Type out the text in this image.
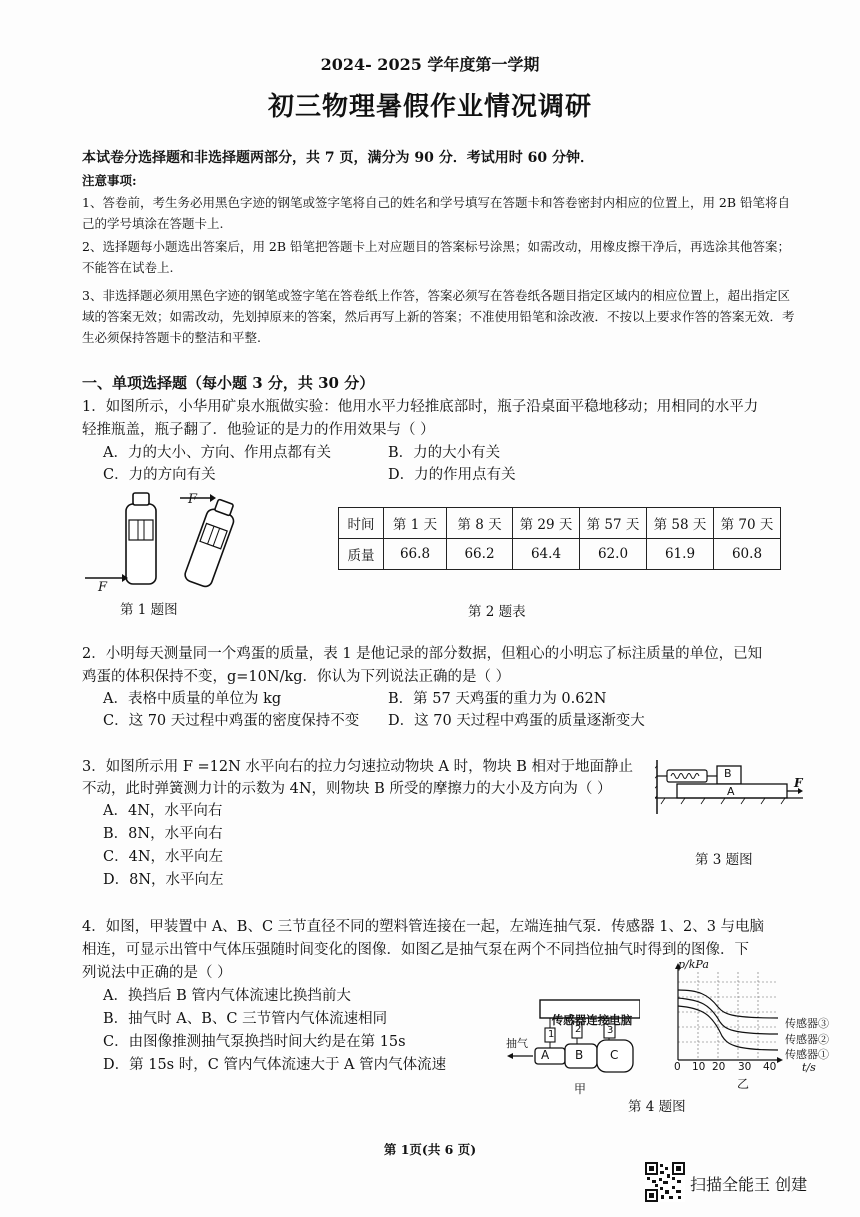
2024- 2025 学年度第一学期
初三物理暑假作业情况调研
本试卷分选择题和非选择题两部分，共 7 页，满分为 90 分．考试用时 60 分钟．
注意事项:
1、答卷前，考生务必用黑色字迹的钢笔或签字笔将自己的姓名和学号填写在答题卡和答卷密封内相应的位置上，用 2B 铅笔将自己的学号填涂在答题卡上.
2、选择题每小题选出答案后，用 2B 铅笔把答题卡上对应题目的答案标号涂黑；如需改动，用橡皮擦干净后，再选涂其他答案；不能答在试卷上.
3、非选择题必须用黑色字迹的钢笔或签字笔在答卷纸上作答，答案必须写在答卷纸各题目指定区域内的相应位置上，超出指定区域的答案无效；如需改动，先划掉原来的答案，然后再写上新的答案；不准使用铅笔和涂改液．不按以上要求作答的答案无效．考生必须保持答题卡的整洁和平整.
一、单项选择题（每小题 3 分，共 30 分）
1．如图所示，小华用矿泉水瓶做实验：他用水平力轻推底部时，瓶子沿桌面平稳地移动；用相同的水平力
轻推瓶盖，瓶子翻了．他验证的是力的作用效果与（ ）
A．力的大小、方向、作用点都有关	B．力的大小有关
C．力的方向有关	D．力的作用点有关
F
F
第 1 题图
时间	第 1 天	第 8 天	第 29 天	第 57 天	第 58 天	第 70 天
质量	66.8	66.2	64.4	62.0	61.9	60.8
第 2 题表
2．小明每天测量同一个鸡蛋的质量，表 1 是他记录的部分数据，但粗心的小明忘了标注质量的单位，已知
鸡蛋的体积保持不变，g=10N/kg．你认为下列说法正确的是（ ）
A．表格中质量的单位为 kg	B．第 57 天鸡蛋的重力为 0.62N
C．这 70 天过程中鸡蛋的密度保持不变 D．这 70 天过程中鸡蛋的质量逐渐变大
3．如图所示用 F =12N 水平向右的拉力匀速拉动物块 A 时，物块 B 相对于地面静止
不动，此时弹簧测力计的示数为 4N，则物块 B 所受的摩擦力的大小及方向为（ ）
A．4N，水平向右
B．8N，水平向右
C．4N，水平向左
D．8N，水平向左
B
A
F
第 3 题图
4．如图，甲装置中 A、B、C 三节直径不同的塑料管连接在一起，左端连抽气泵．传感器 1、2、3 与电脑
相连，可显示出管中气体压强随时间变化的图像．如图乙是抽气泵在两个不同挡位抽气时得到的图像．下
列说法中正确的是（ ）
A．换挡后 B 管内气体流速比换挡前大
B．抽气时 A、B、C 三节管内气体流速相同
C．由图像推测抽气泵换挡时间大约是在第 15s
D．第 15s 时，C 管内气体流速大于 A 管内气体流速
传感器连接电脑
抽气
1 2	3
A B C
甲
p/kPa
t/s
0 10 20 30 40
传感器③
传感器②
传感器①
乙
第 4 题图
第 1页(共 6 页)
扫描全能王 创建
